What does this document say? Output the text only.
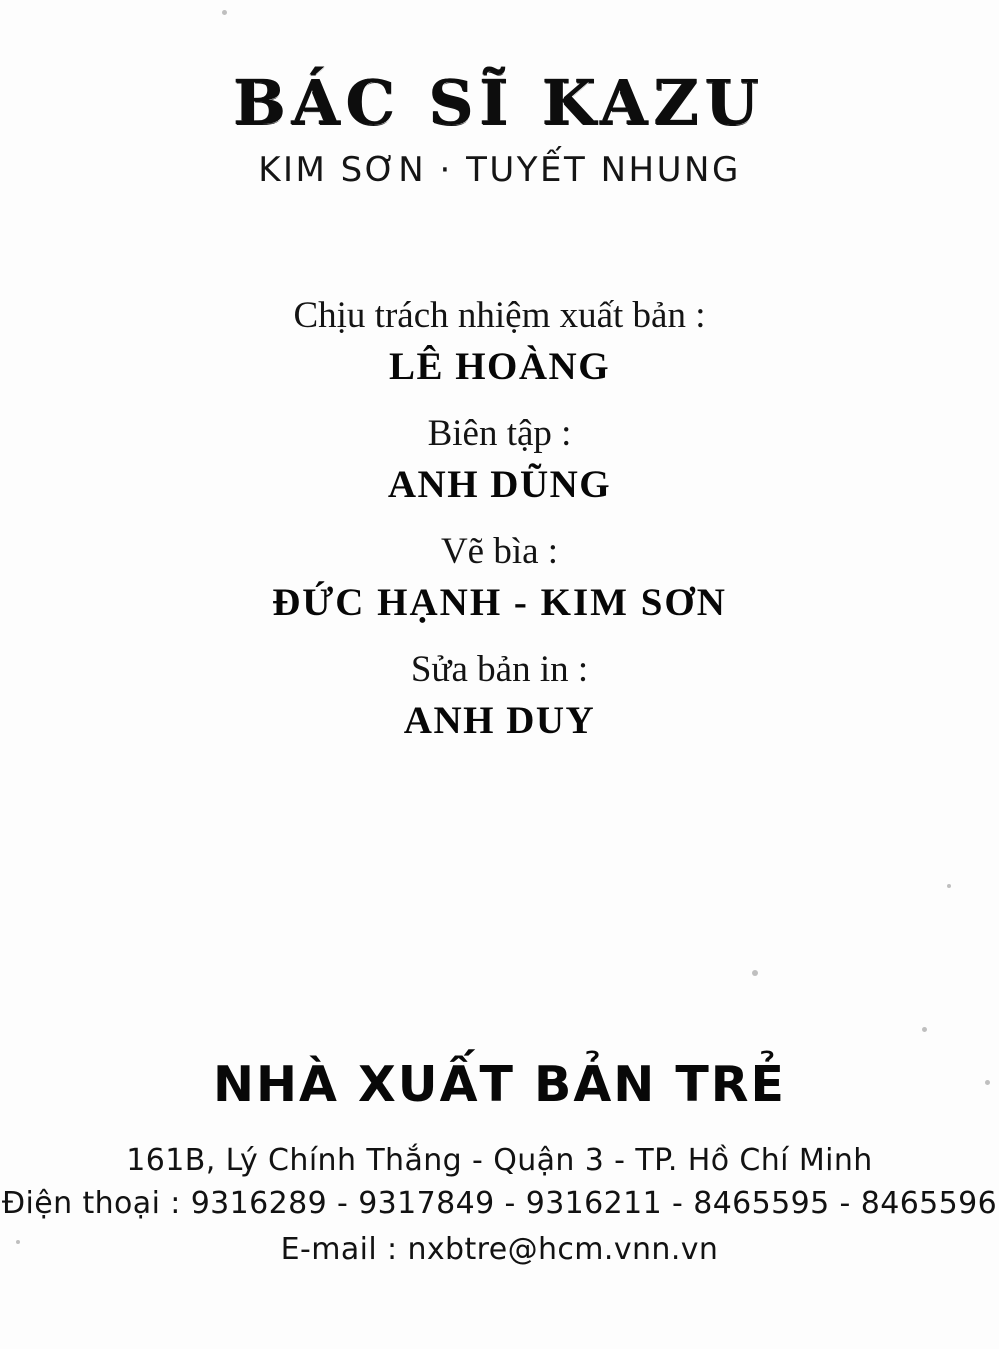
BÁC SĨ KAZU
KIM SƠN · TUYẾT NHUNG

Chịu trách nhiệm xuất bản :

LÊ HOÀNG

Biên tập :

ANH DŨNG

Vẽ bìa :

ĐỨC HẠNH - KIM SƠN

Sửa bản in :

ANH DUY

NHÀ XUẤT BẢN TRẺ
161B, Lý Chính Thắng - Quận 3 - TP. Hồ Chí Minh
Điện thoại : 9316289 - 9317849 - 9316211 - 8465595 - 8465596
E-mail : nxbtre@hcm.vnn.vn
